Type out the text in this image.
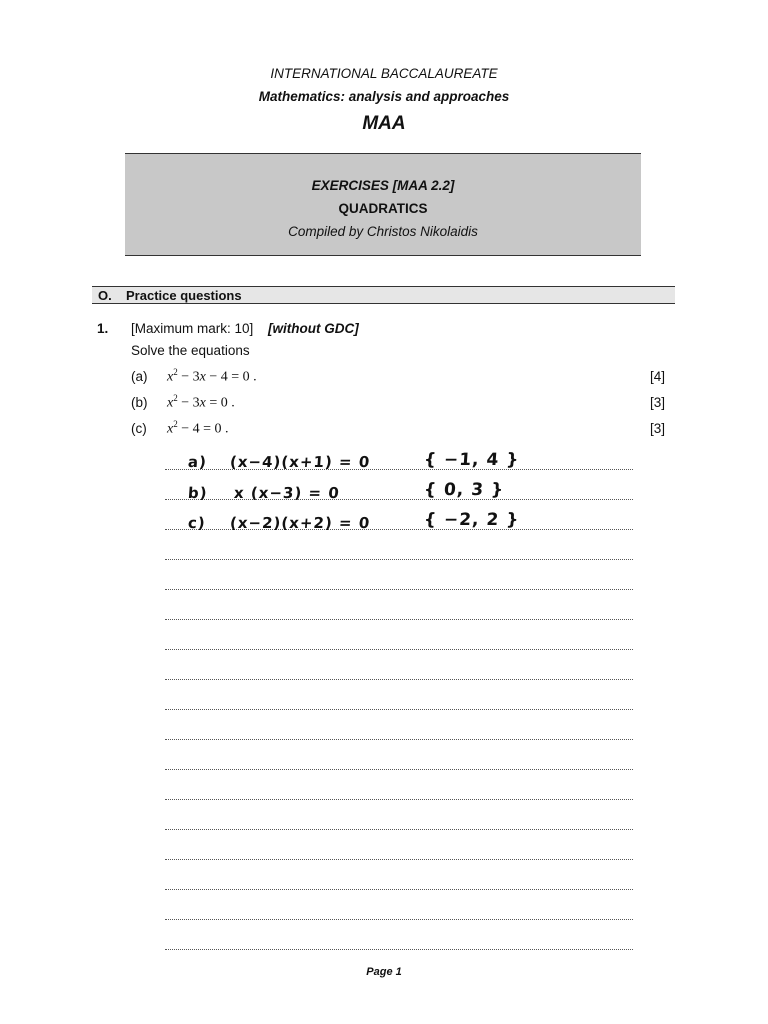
INTERNATIONAL BACCALAUREATE
Mathematics: analysis and approaches
MAA
EXERCISES [MAA 2.2]
QUADRATICS
Compiled by Christos Nikolaidis
O. Practice questions
1. [Maximum mark: 10] [without GDC]
Solve the equations
(a) $x^2 - 3x - 4 = 0$ .	[4]
(b) $x^2 - 3x = 0$ .	[3]
(c) $x^2 - 4 = 0$ .	[3]
a) (x−4)(x+1) = 0	{ −1, 4 }
b) x (x−3) = 0	{ 0, 3 }
c) (x−2)(x+2) = 0	{ −2, 2 }
Page 1
